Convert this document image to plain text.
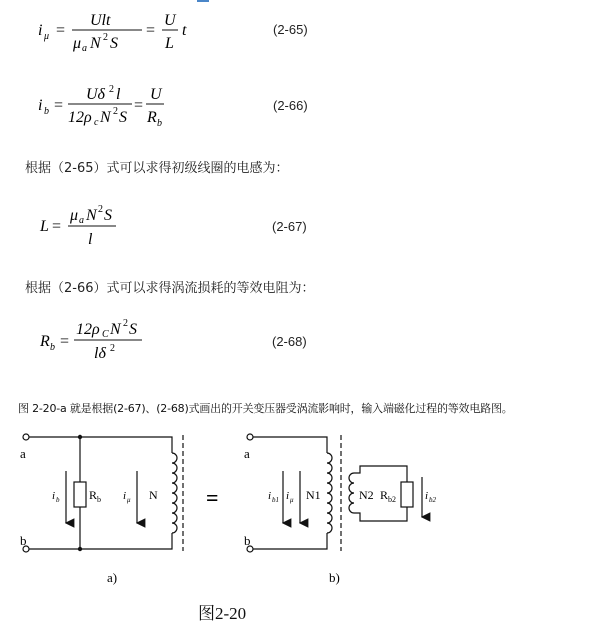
i μ =
Ult
μ a N 2 S
=
U
L
t	(2-65)
i b =
Uδ 2 l
12ρ c N 2 S
=
U
R b
(2-66)
根据（2-65）式可以求得初级线圈的电感为：
L =
μ a N 2 S
l
(2-67)
根据（2-66）式可以求得涡流损耗的等效电阻为：
R b =
12ρ C N 2 S
lδ 2	(2-68)
图 2-20-a 就是根据(2-67)、(2-68)式画出的开关变压器受涡流影响时，输入端磁化过程的等效电路图。
a
b
R b
i b	i μ N =
a
b
i b1 i μ N1	N2 R b2	i b2
a)	b)
图2-20
